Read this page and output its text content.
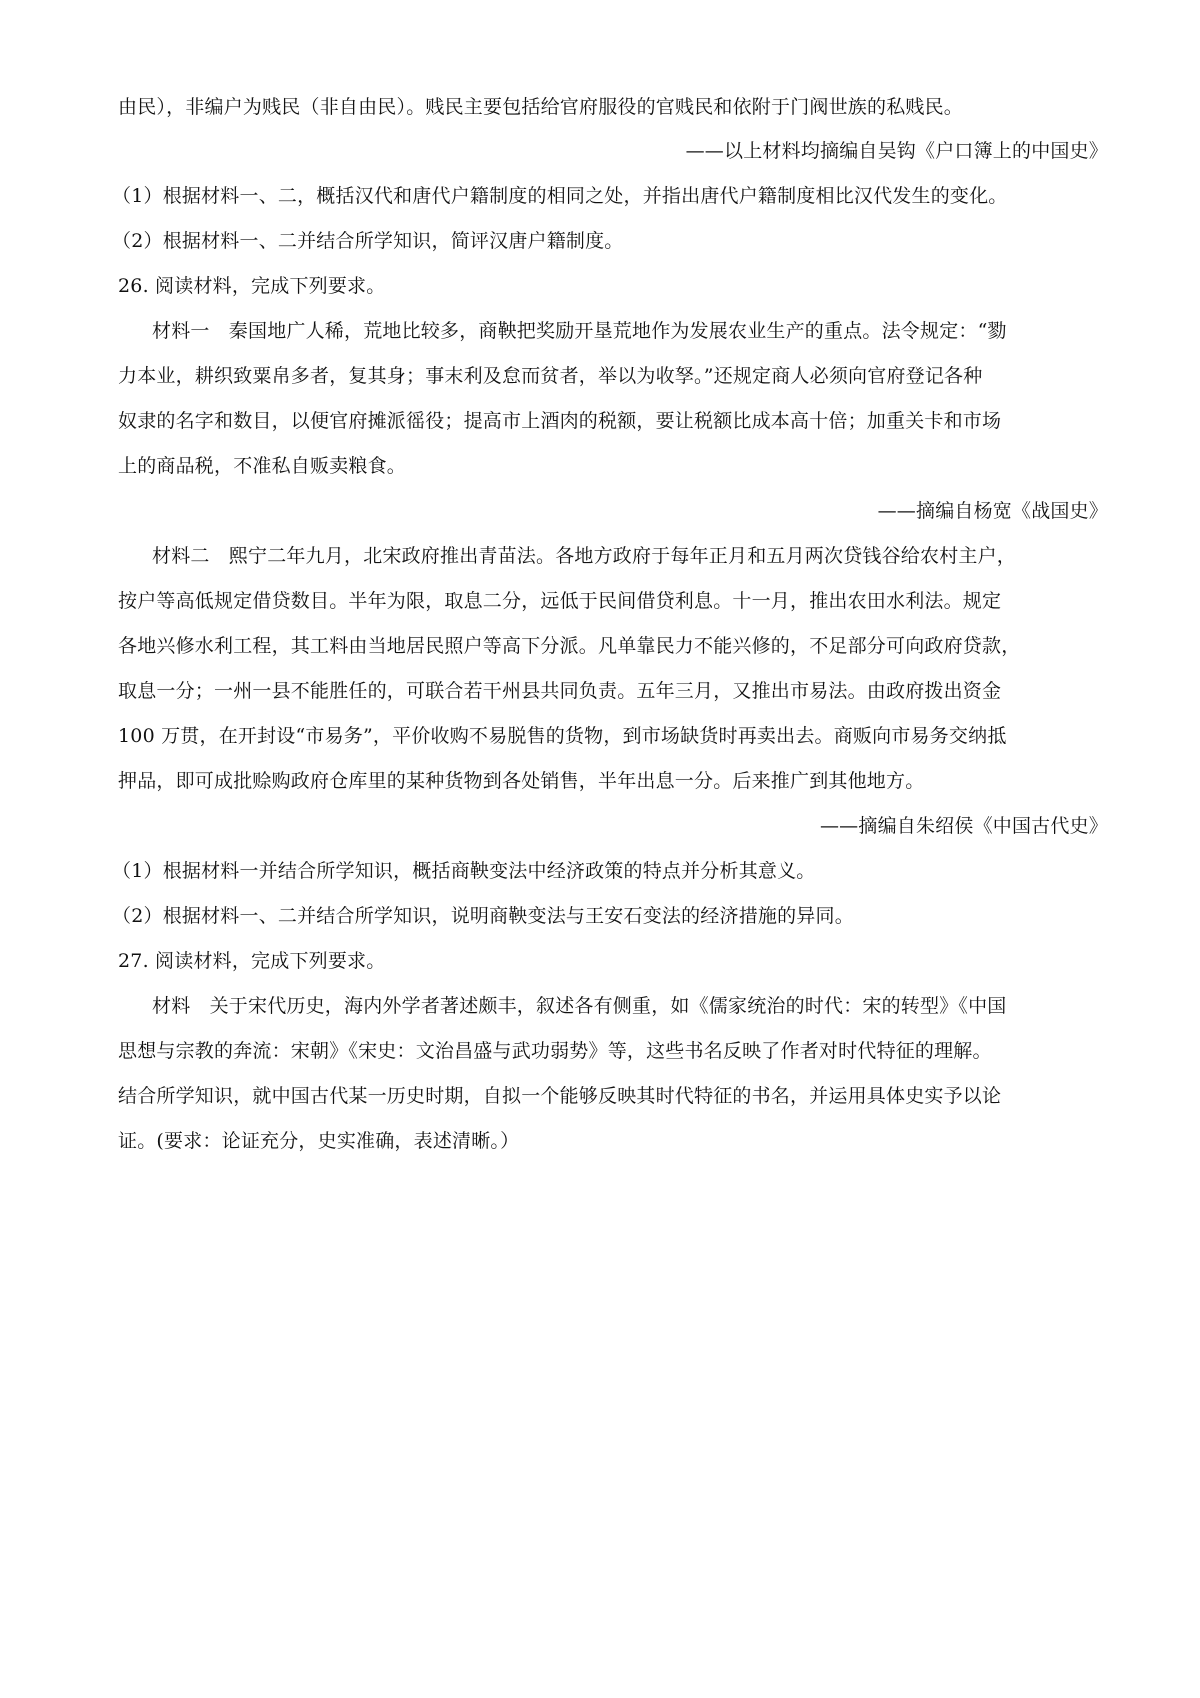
由民），非编户为贱民（非自由民）。贱民主要包括给官府服役的官贱民和依附于门阀世族的私贱民。
——以上材料均摘编自吴钩《户口簿上的中国史》
（1）根据材料一、二，概括汉代和唐代户籍制度的相同之处，并指出唐代户籍制度相比汉代发生的变化。
（2）根据材料一、二并结合所学知识，简评汉唐户籍制度。
26. 阅读材料，完成下列要求。
材料一　秦国地广人稀，荒地比较多，商鞅把奖励开垦荒地作为发展农业生产的重点。法令规定：“勠
力本业，耕织致粟帛多者，复其身；事末利及怠而贫者，举以为收孥。”还规定商人必须向官府登记各种
奴隶的名字和数目，以便官府摊派徭役；提高市上酒肉的税额，要让税额比成本高十倍；加重关卡和市场
上的商品税，不准私自贩卖粮食。
——摘编自杨宽《战国史》
材料二　熙宁二年九月，北宋政府推出青苗法。各地方政府于每年正月和五月两次贷钱谷给农村主户，
按户等高低规定借贷数目。半年为限，取息二分，远低于民间借贷利息。十一月，推出农田水利法。规定
各地兴修水利工程，其工料由当地居民照户等高下分派。凡单靠民力不能兴修的，不足部分可向政府贷款，
取息一分；一州一县不能胜任的，可联合若干州县共同负责。五年三月，又推出市易法。由政府拨出资金
100 万贯，在开封设“市易务”，平价收购不易脱售的货物，到市场缺货时再卖出去。商贩向市易务交纳抵
押品，即可成批赊购政府仓库里的某种货物到各处销售，半年出息一分。后来推广到其他地方。
——摘编自朱绍侯《中国古代史》
（1）根据材料一并结合所学知识，概括商鞅变法中经济政策的特点并分析其意义。
（2）根据材料一、二并结合所学知识，说明商鞅变法与王安石变法的经济措施的异同。
27. 阅读材料，完成下列要求。
材料　关于宋代历史，海内外学者著述颇丰，叙述各有侧重，如《儒家统治的时代：宋的转型》《中国
思想与宗教的奔流：宋朝》《宋史：文治昌盛与武功弱势》等，这些书名反映了作者对时代特征的理解。
结合所学知识，就中国古代某一历史时期，自拟一个能够反映其时代特征的书名，并运用具体史实予以论
证。(要求：论证充分，史实准确，表述清晰。）
